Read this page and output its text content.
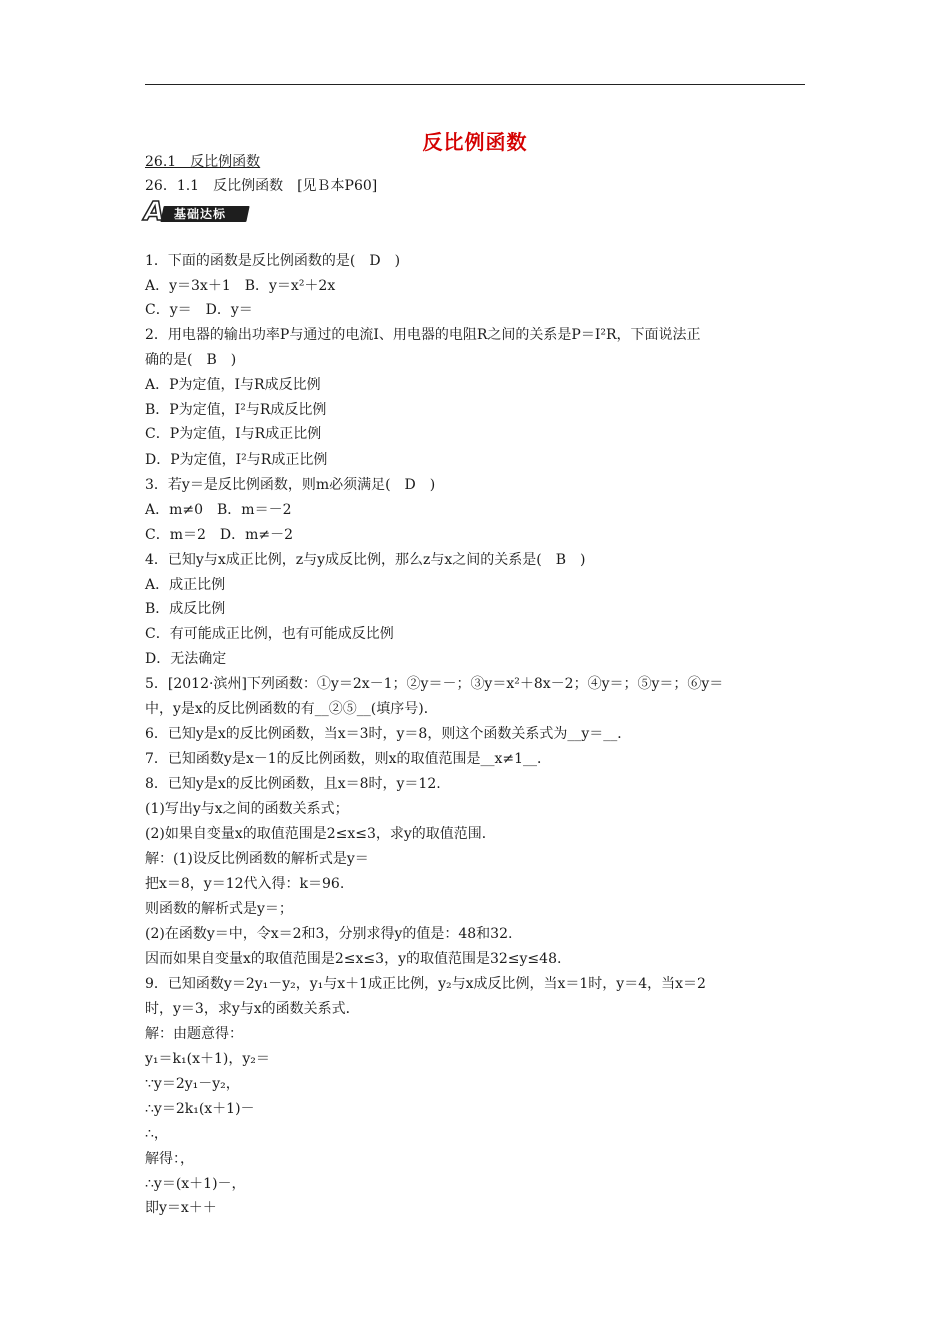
反比例函数
26.1　反比例函数
26．1.1　反比例函数　[见Ｂ本P60]
A 基础达标
1．下面的函数是反比例函数的是(　D　)
A．y＝3x＋1　B．y＝x²＋2x
C．y＝　D．y＝
2．用电器的输出功率P与通过的电流I、用电器的电阻R之间的关系是P＝I²R，下面说法正
确的是(　B　)
A．P为定值，I与R成反比例
B．P为定值，I²与R成反比例
C．P为定值，I与R成正比例
D．P为定值，I²与R成正比例
3．若y＝是反比例函数，则m必须满足(　D　)
A．m≠0　B．m＝－2
C．m＝2　D．m≠－2
4．已知y与x成正比例，z与y成反比例，那么z与x之间的关系是(　B　)
A．成正比例
B．成反比例
C．有可能成正比例，也有可能成反比例
D．无法确定
5．[2012·滨州]下列函数：①y＝2x－1；②y＝－；③y＝x²＋8x－2；④y＝；⑤y＝；⑥y＝
中，y是x的反比例函数的有__②⑤__(填序号)．
6．已知y是x的反比例函数，当x＝3时，y＝8，则这个函数关系式为__y＝__．
7．已知函数y是x－1的反比例函数，则x的取值范围是__x≠1__．
8．已知y是x的反比例函数，且x＝8时，y＝12.
(1)写出y与x之间的函数关系式；
(2)如果自变量x的取值范围是2≤x≤3，求y的取值范围．
解：(1)设反比例函数的解析式是y＝
把x＝8，y＝12代入得：k＝96.
则函数的解析式是y＝；
(2)在函数y＝中，令x＝2和3，分别求得y的值是：48和32.
因而如果自变量x的取值范围是2≤x≤3，y的取值范围是32≤y≤48.
9．已知函数y＝2y₁－y₂，y₁与x＋1成正比例，y₂与x成反比例，当x＝1时，y＝4，当x＝2
时，y＝3，求y与x的函数关系式．
解：由题意得：
y₁＝k₁(x＋1)，y₂＝
∵y＝2y₁－y₂，
∴y＝2k₁(x＋1)－
∴，
解得：，
∴y＝(x＋1)－，
即y＝x＋＋
